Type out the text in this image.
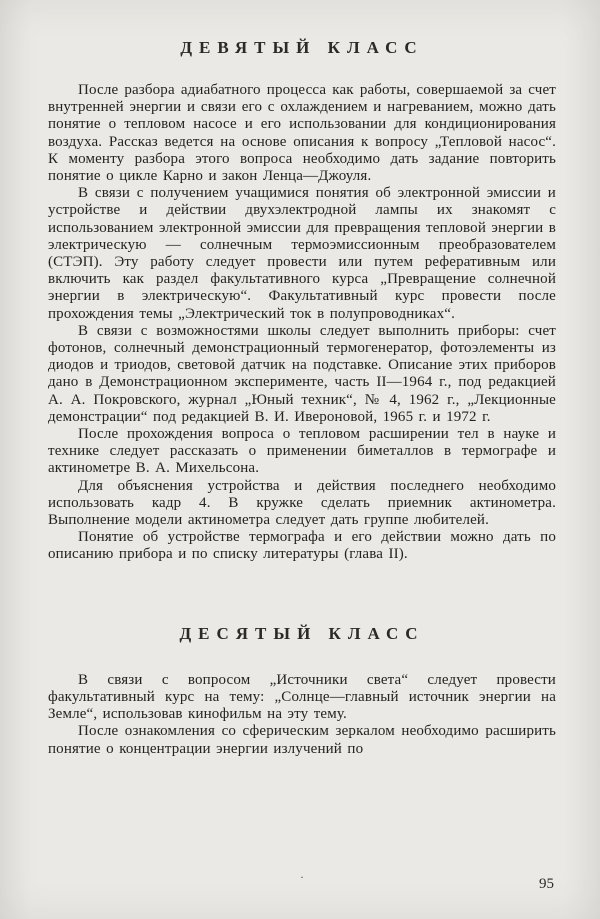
ДЕВЯТЫЙ КЛАСС

После разбора адиабатного процесса как работы, совершаемой за счет внутренней энергии и связи его с охлаждением и нагреванием, можно дать понятие о тепловом насосе и его использовании для кондиционирования воздуха. Рассказ ведется на основе описания к вопросу „Тепловой насос“. К моменту разбора этого вопроса необходимо дать задание повторить понятие о цикле Карно и закон Ленца—Джоуля.

В связи с получением учащимися понятия об электронной эмиссии и устройстве и действии двухэлектродной лампы их знакомят с использованием электронной эмиссии для превращения тепловой энергии в электрическую — солнечным термоэмиссионным преобразователем (СТЭП). Эту работу следует провести или путем реферативным или включить как раздел факультативного курса „Превращение солнечной энергии в электрическую“. Факультативный курс провести после прохождения темы „Электрический ток в полупроводниках“.

В связи с возможностями школы следует выполнить приборы: счет фотонов, солнечный демонстрационный термогенератор, фотоэлементы из диодов и триодов, световой датчик на подставке. Описание этих приборов дано в Демонстрационном эксперименте, часть II—1964 г., под редакцией А. А. Покровского, журнал „Юный техник“, № 4, 1962 г., „Лекционные демонстрации“ под редакцией В. И. Ивероновой, 1965 г. и 1972 г.

После прохождения вопроса о тепловом расширении тел в науке и технике следует рассказать о применении биметаллов в термографе и актинометре В. А. Михельсона.

Для объяснения устройства и действия последнего необходимо использовать кадр 4. В кружке сделать приемник актинометра. Выполнение модели актинометра следует дать группе любителей.

Понятие об устройстве термографа и его действии можно дать по описанию прибора и по списку литературы (глава II).

ДЕСЯТЫЙ КЛАСС

В связи с вопросом „Источники света“ следует провести факультативный курс на тему: „Солнце—главный источник энергии на Земле“, использовав кинофильм на эту тему.

После ознакомления со сферическим зеркалом необходимо расширить понятие о концентрации энергии излучений по

·	95
